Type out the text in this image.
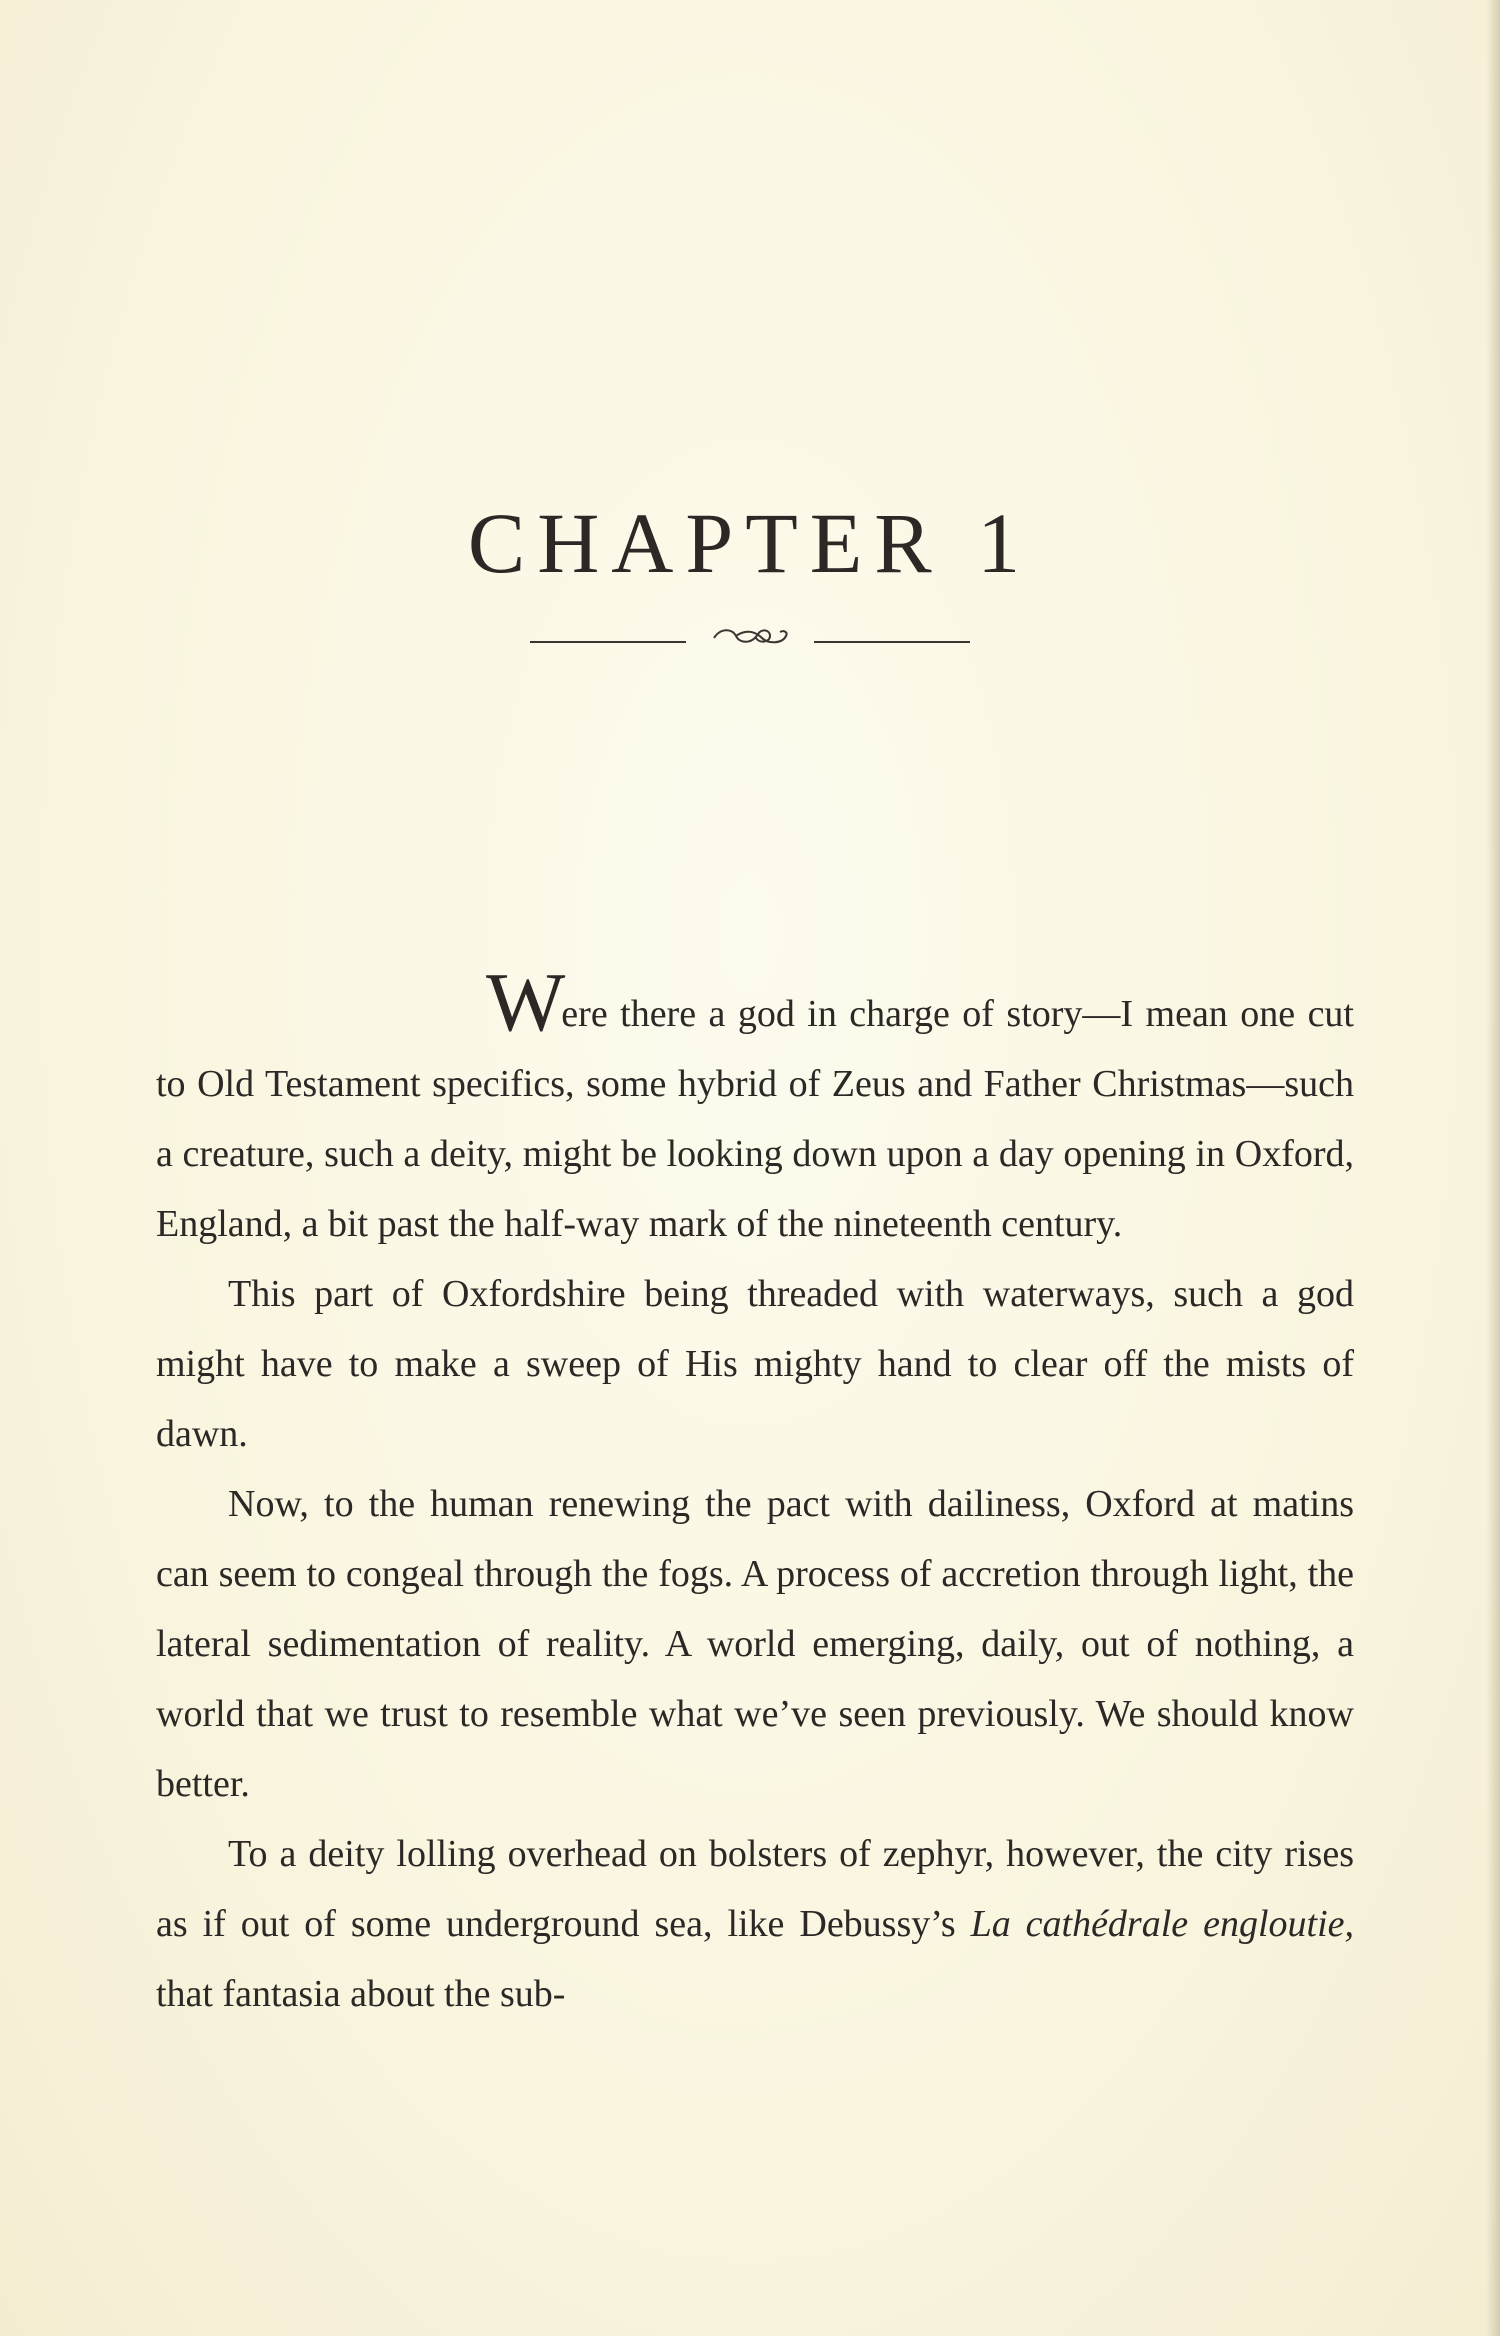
CHAPTER 1

Were there a god in charge of story—I mean one cut to Old Testament specifics, some hybrid of Zeus and Father Christmas—such a creature, such a deity, might be looking down upon a day opening in Oxford, England, a bit past the half-way mark of the nineteenth century.

This part of Oxfordshire being threaded with waterways, such a god might have to make a sweep of His mighty hand to clear off the mists of dawn.

Now, to the human renewing the pact with dailiness, Oxford at matins can seem to congeal through the fogs. A process of accretion through light, the lateral sedimentation of reality. A world emerging, daily, out of nothing, a world that we trust to resemble what we’ve seen previously. We should know better.

To a deity lolling overhead on bolsters of zephyr, however, the city rises as if out of some underground sea, like Debussy’s La cathédrale engloutie, that fantasia about the sub-
